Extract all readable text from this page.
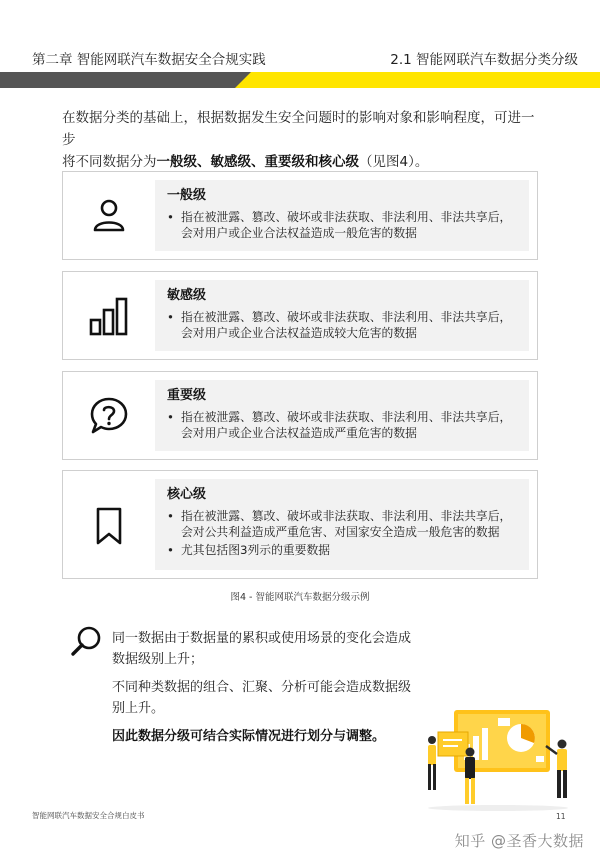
第二章 智能网联汽车数据安全合规实践	2.1 智能网联汽车数据分类分级
在数据分类的基础上，根据数据发生安全问题时的影响对象和影响程度，可进一步
将不同数据分为一般级、敏感级、重要级和核心级（见图4）。
一般级
• 指在被泄露、篡改、破坏或非法获取、非法利用、非法共享后，会对用户或企业合法权益造成一般危害的数据
敏感级
• 指在被泄露、篡改、破坏或非法获取、非法利用、非法共享后，会对用户或企业合法权益造成较大危害的数据
重要级
• 指在被泄露、篡改、破坏或非法获取、非法利用、非法共享后，会对用户或企业合法权益造成严重危害的数据
核心级
• 指在被泄露、篡改、破坏或非法获取、非法利用、非法共享后，会对公共利益造成严重危害、对国家安全造成一般危害的数据
• 尤其包括图3列示的重要数据
图4 - 智能网联汽车数据分级示例

同一数据由于数据量的累积或使用场景的变化会造成数据级别上升；

不同种类数据的组合、汇聚、分析可能会造成数据级别上升。

因此数据分级可结合实际情况进行划分与调整。

智能网联汽车数据安全合规白皮书	11
知乎 @圣香大数据
